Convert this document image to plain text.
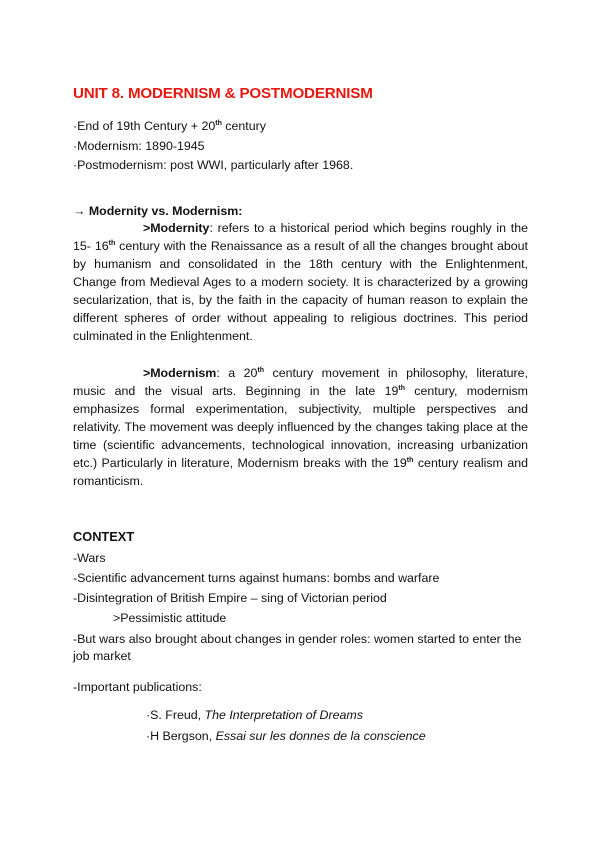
UNIT 8. MODERNISM & POSTMODERNISM
·End of 19th Century + 20th century
·Modernism: 1890-1945
·Postmodernism: post WWI, particularly after 1968.
→ Modernity vs. Modernism:
>Modernity: refers to a historical period which begins roughly in the 15- 16th century with the Renaissance as a result of all the changes brought about by humanism and consolidated in the 18th century with the Enlightenment, Change from Medieval Ages to a modern society. It is characterized by a growing secularization, that is, by the faith in the capacity of human reason to explain the different spheres of order without appealing to religious doctrines. This period culminated in the Enlightenment.
>Modernism: a 20th century movement in philosophy, literature, music and the visual arts. Beginning in the late 19th century, modernism emphasizes formal experimentation, subjectivity, multiple perspectives and relativity. The movement was deeply influenced by the changes taking place at the time (scientific advancements, technological innovation, increasing urbanization etc.) Particularly in literature, Modernism breaks with the 19th century realism and romanticism.
CONTEXT
-Wars
-Scientific advancement turns against humans: bombs and warfare
-Disintegration of British Empire – sing of Victorian period
>Pessimistic attitude
-But wars also brought about changes in gender roles: women started to enter the job market
-Important publications:
·S. Freud, The Interpretation of Dreams
·H Bergson, Essai sur les donnes de la conscience
